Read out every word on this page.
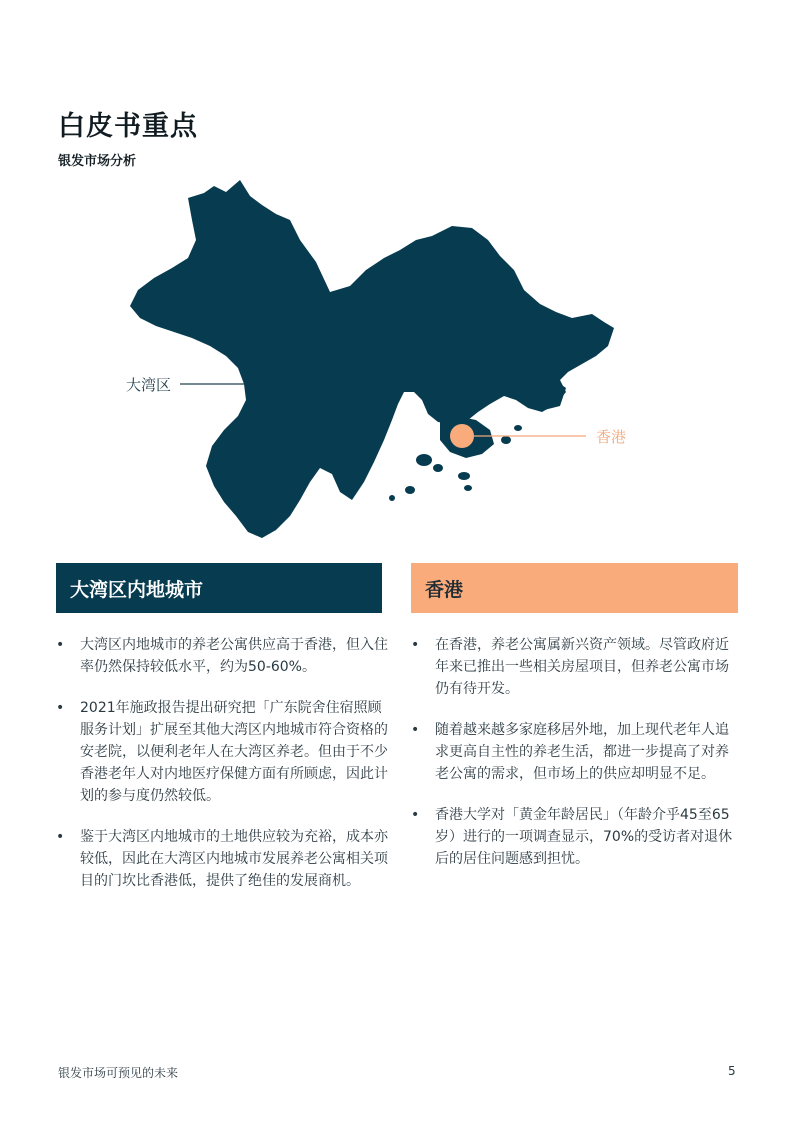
白皮书重点
银发市场分析
大湾区
香港
大湾区内地城市	香港
• 大湾区内地城市的养老公寓供应高于香港，但入住率仍然保持较低水平，约为50-60%。
• 2021年施政报告提出研究把「广东院舍住宿照顾服务计划」扩展至其他大湾区内地城市符合资格的安老院，以便利老年人在大湾区养老。但由于不少香港老年人对内地医疗保健方面有所顾虑，因此计划的参与度仍然较低。
• 鉴于大湾区内地城市的土地供应较为充裕，成本亦较低，因此在大湾区内地城市发展养老公寓相关项目的门坎比香港低，提供了绝佳的发展商机。
• 在香港，养老公寓属新兴资产领域。尽管政府近年来已推出一些相关房屋项目，但养老公寓市场仍有待开发。
• 随着越来越多家庭移居外地，加上现代老年人追求更高自主性的养老生活，都进一步提高了对养老公寓的需求，但市场上的供应却明显不足。
• 香港大学对「黄金年龄居民」（年龄介乎45至65岁）进行的一项调查显示，70%的受访者对退休后的居住问题感到担忧。
银发市场可预见的未来	5
